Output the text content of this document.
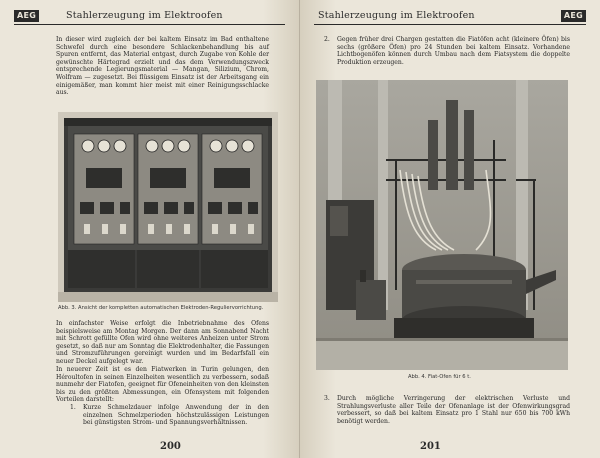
AEG	Stahlerzeugung im Elektroofen

In dieser wird zugleich der bei kaltem Einsatz im Bad enthaltene Schwefel durch eine besondere Schlackenbehandlung bis auf Spuren entfernt, das Material entgast, durch Zugabe von Kohle der gewünschte Härtegrad erzielt und das dem Verwendungszweck entsprechende Legierungsmaterial — Mangan, Silizium, Chrom, Wolfram — zugesetzt. Bei flüssigem Einsatz ist der Arbeitsgang ein einigemäßer, man kommt hier meist mit einer Reinigungsschlacke aus.

Abb. 3. Ansicht der kompletten automatischen Elektroden-Reguliervorrichtung.

In einfachster Weise erfolgt die Inbetriebnahme des Ofens beispielsweise am Montag Morgen. Der dann am Sonnabend Nacht mit Schrott gefüllte Ofen wird ohne weiteres Anheizen unter Strom gesetzt, so daß nur am Sonntag die Elektrodenhalter, die Fassungen und Stromzuführungen gereinigt wurden und im Bedarfsfall ein neuer Deckel aufgelegt war.

In neuerer Zeit ist es den Fiatwerken in Turin gelungen, den Héroultofen in seinen Einzelheiten wesentlich zu verbessern, sodaß nunmehr der Fiatofen, geeignet für Ofeneinheiten von den kleinsten bis zu den größten Abmessungen, ein Ofensystem mit folgenden Vorteilen darstellt:

1. Kurze Schmelzdauer infolge Anwendung der in den einzelnen Schmelzperioden höchstzulässigen Leistungen bei günstigsten Strom- und Spannungsverhältnissen.
200
Stahlerzeugung im Elektroofen	AEG
2. Gegen früher drei Chargen gestatten die Fiatöfen acht (kleinere Öfen) bis sechs (größere Öfen) pro 24 Stunden bei kaltem Einsatz. Vorhandene Lichtbogenöfen können durch Umbau nach dem Fiatsystem die doppelte Produktion erzeugen.
Abb. 4. Fiat-Ofen für 6 t.
3. Durch mögliche Verringerung der elektrischen Verluste und Strahlungsverluste aller Teile der Ofenanlage ist der Ofenwirkungsgrad verbessert, so daß bei kaltem Einsatz pro 1 Stahl nur 650 bis 700 kWh benötigt werden.
201
